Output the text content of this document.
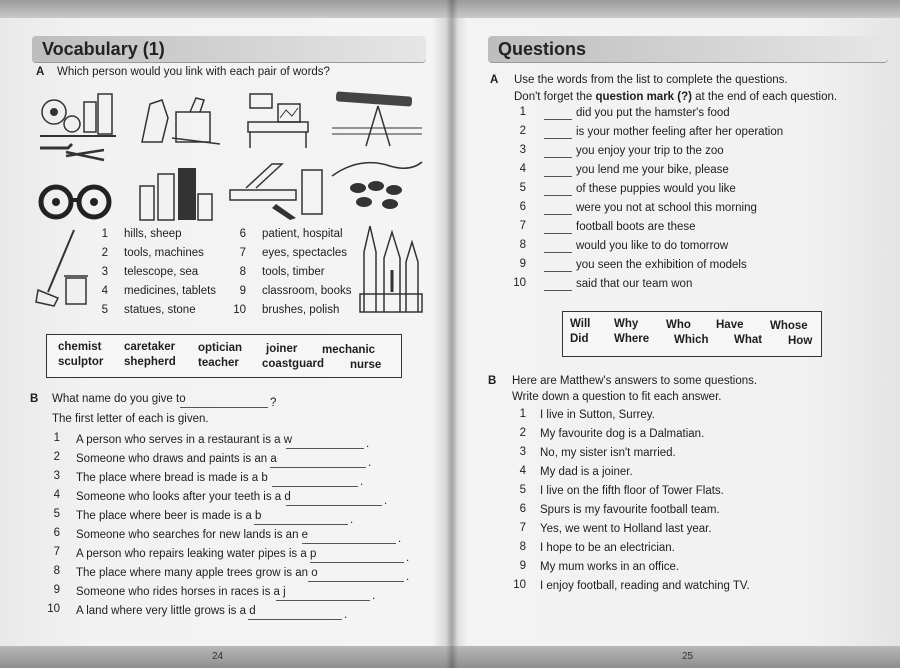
Vocabulary (1)
A Which person would you link with each pair of words?
1 hills, sheep
2 tools, machines
3 telescope, sea
4 medicines, tablets
5 statues, stone
6 patient, hospital
7 eyes, spectacles
8 tools, timber
9 classroom, books
10 brushes, polish
chemist caretaker optician joiner mechanic
sculptor shepherd teacher coastguard nurse
B What name do you give to	?
The first letter of each is given.
1 A person who serves in a restaurant is a w	.
2 Someone who draws and paints is an a	.
3 The place where bread is made is a b	.
4 Someone who looks after your teeth is a d	.
5 The place where beer is made is a b	.
6 Someone who searches for new lands is an e	.
7 A person who repairs leaking water pipes is a p	.
8 The place where many apple trees grow is an o	.
9 Someone who rides horses in races is a j	.
10 A land where very little grows is a d	.
24
Questions
A Use the words from the list to complete the questions.
Don't forget the question mark (?) at the end of each question.
1	did you put the hamster's food
2	is your mother feeling after her operation
3	you enjoy your trip to the zoo
4	you lend me your bike, please
5	of these puppies would you like
6	were you not at school this morning
7	football boots are these
8	would you like to do tomorrow
9	you seen the exhibition of models
10	said that our team won
Will Why Who Have Whose
Did Where Which What How
B Here are Matthew's answers to some questions.
Write down a question to fit each answer.
1 I live in Sutton, Surrey.
2 My favourite dog is a Dalmatian.
3 No, my sister isn't married.
4 My dad is a joiner.
5 I live on the fifth floor of Tower Flats.
6 Spurs is my favourite football team.
7 Yes, we went to Holland last year.
8 I hope to be an electrician.
9 My mum works in an office.
10 I enjoy football, reading and watching TV.
25
